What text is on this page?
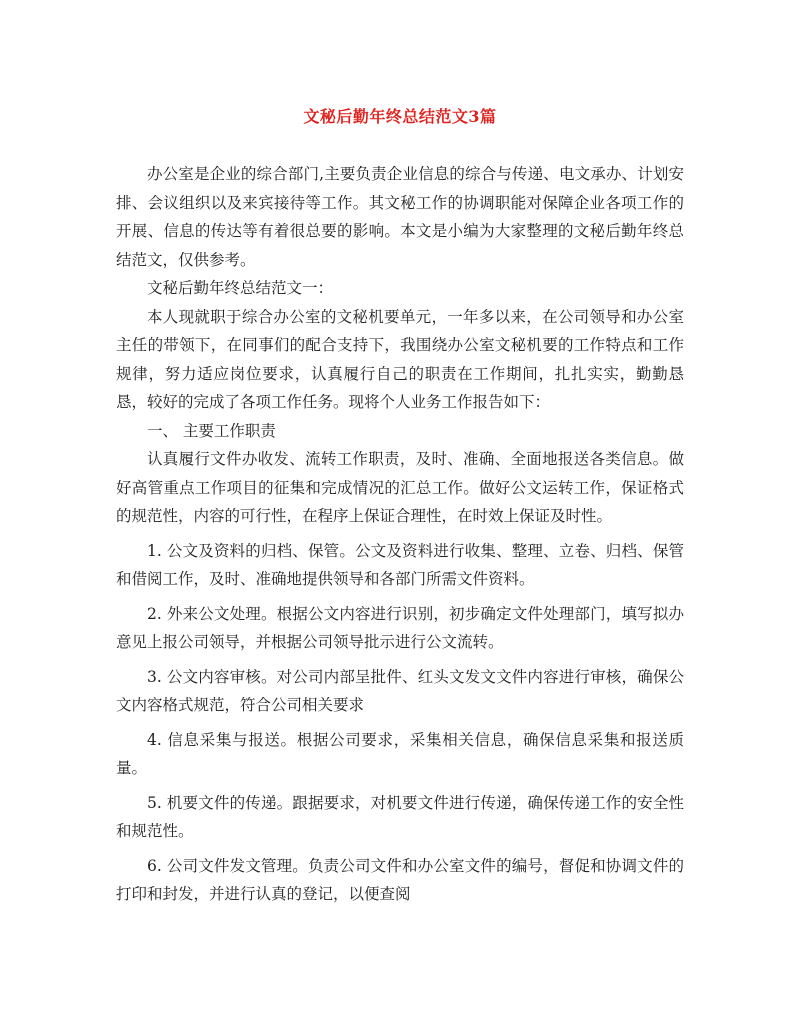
文秘后勤年终总结范文3篇

办公室是企业的综合部门,主要负责企业信息的综合与传递、电文承办、计划安排、会议组织以及来宾接待等工作。其文秘工作的协调职能对保障企业各项工作的开展、信息的传达等有着很总要的影响。本文是小编为大家整理的文秘后勤年终总结范文，仅供参考。

文秘后勤年终总结范文一：

本人现就职于综合办公室的文秘机要单元，一年多以来，在公司领导和办公室主任的带领下，在同事们的配合支持下，我围绕办公室文秘机要的工作特点和工作规律，努力适应岗位要求，认真履行自己的职责在工作期间，扎扎实实，勤勤恳恳，较好的完成了各项工作任务。现将个人业务工作报告如下：

一、 主要工作职责

认真履行文件办收发、流转工作职责，及时、准确、全面地报送各类信息。做好高管重点工作项目的征集和完成情况的汇总工作。做好公文运转工作，保证格式的规范性，内容的可行性，在程序上保证合理性，在时效上保证及时性。

1. 公文及资料的归档、保管。公文及资料进行收集、整理、立卷、归档、保管和借阅工作，及时、准确地提供领导和各部门所需文件资料。

2. 外来公文处理。根据公文内容进行识别，初步确定文件处理部门，填写拟办意见上报公司领导，并根据公司领导批示进行公文流转。

3. 公文内容审核。对公司内部呈批件、红头文发文文件内容进行审核，确保公文内容格式规范，符合公司相关要求

4. 信息采集与报送。根据公司要求，采集相关信息，确保信息采集和报送质量。

5. 机要文件的传递。跟据要求，对机要文件进行传递，确保传递工作的安全性和规范性。

6. 公司文件发文管理。负责公司文件和办公室文件的编号，督促和协调文件的打印和封发，并进行认真的登记，以便查阅
